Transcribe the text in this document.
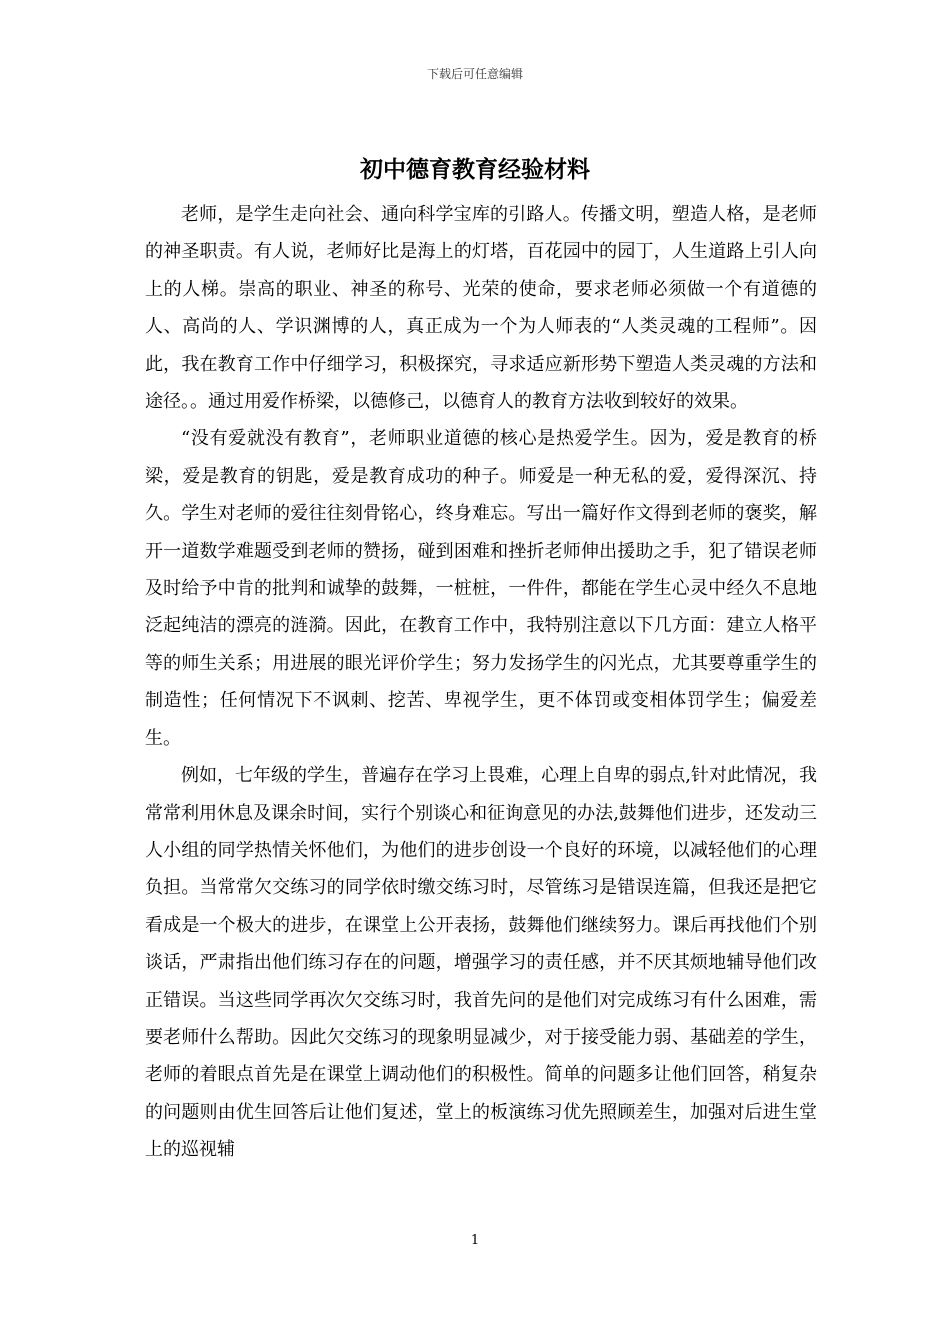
下载后可任意编辑
初中德育教育经验材料

老师，是学生走向社会、通向科学宝库的引路人。传播文明，塑造人格，是老师的神圣职责。有人说，老师好比是海上的灯塔，百花园中的园丁，人生道路上引人向上的人梯。崇高的职业、神圣的称号、光荣的使命，要求老师必须做一个有道德的人、高尚的人、学识渊博的人，真正成为一个为人师表的“人类灵魂的工程师”。因此，我在教育工作中仔细学习，积极探究，寻求适应新形势下塑造人类灵魂的方法和途径。。通过用爱作桥梁，以德修己，以德育人的教育方法收到较好的效果。

“没有爱就没有教育”，老师职业道德的核心是热爱学生。因为，爱是教育的桥梁，爱是教育的钥匙，爱是教育成功的种子。师爱是一种无私的爱，爱得深沉、持久。学生对老师的爱往往刻骨铭心，终身难忘。写出一篇好作文得到老师的褒奖，解开一道数学难题受到老师的赞扬，碰到困难和挫折老师伸出援助之手，犯了错误老师及时给予中肯的批判和诚挚的鼓舞，一桩桩，一件件，都能在学生心灵中经久不息地泛起纯洁的漂亮的涟漪。因此，在教育工作中，我特别注意以下几方面：建立人格平等的师生关系；用进展的眼光评价学生；努力发扬学生的闪光点，尤其要尊重学生的制造性；任何情况下不讽刺、挖苦、卑视学生，更不体罚或变相体罚学生；偏爱差生。

例如，七年级的学生，普遍存在学习上畏难，心理上自卑的弱点,针对此情况，我常常利用休息及课余时间，实行个别谈心和征询意见的办法,鼓舞他们进步，还发动三人小组的同学热情关怀他们，为他们的进步创设一个良好的环境，以减轻他们的心理负担。当常常欠交练习的同学依时缴交练习时，尽管练习是错误连篇，但我还是把它看成是一个极大的进步，在课堂上公开表扬，鼓舞他们继续努力。课后再找他们个别谈话，严肃指出他们练习存在的问题，增强学习的责任感，并不厌其烦地辅导他们改正错误。当这些同学再次欠交练习时，我首先问的是他们对完成练习有什么困难，需要老师什么帮助。因此欠交练习的现象明显减少，对于接受能力弱、基础差的学生，老师的着眼点首先是在课堂上调动他们的积极性。简单的问题多让他们回答，稍复杂的问题则由优生回答后让他们复述，堂上的板演练习优先照顾差生，加强对后进生堂上的巡视辅

1
